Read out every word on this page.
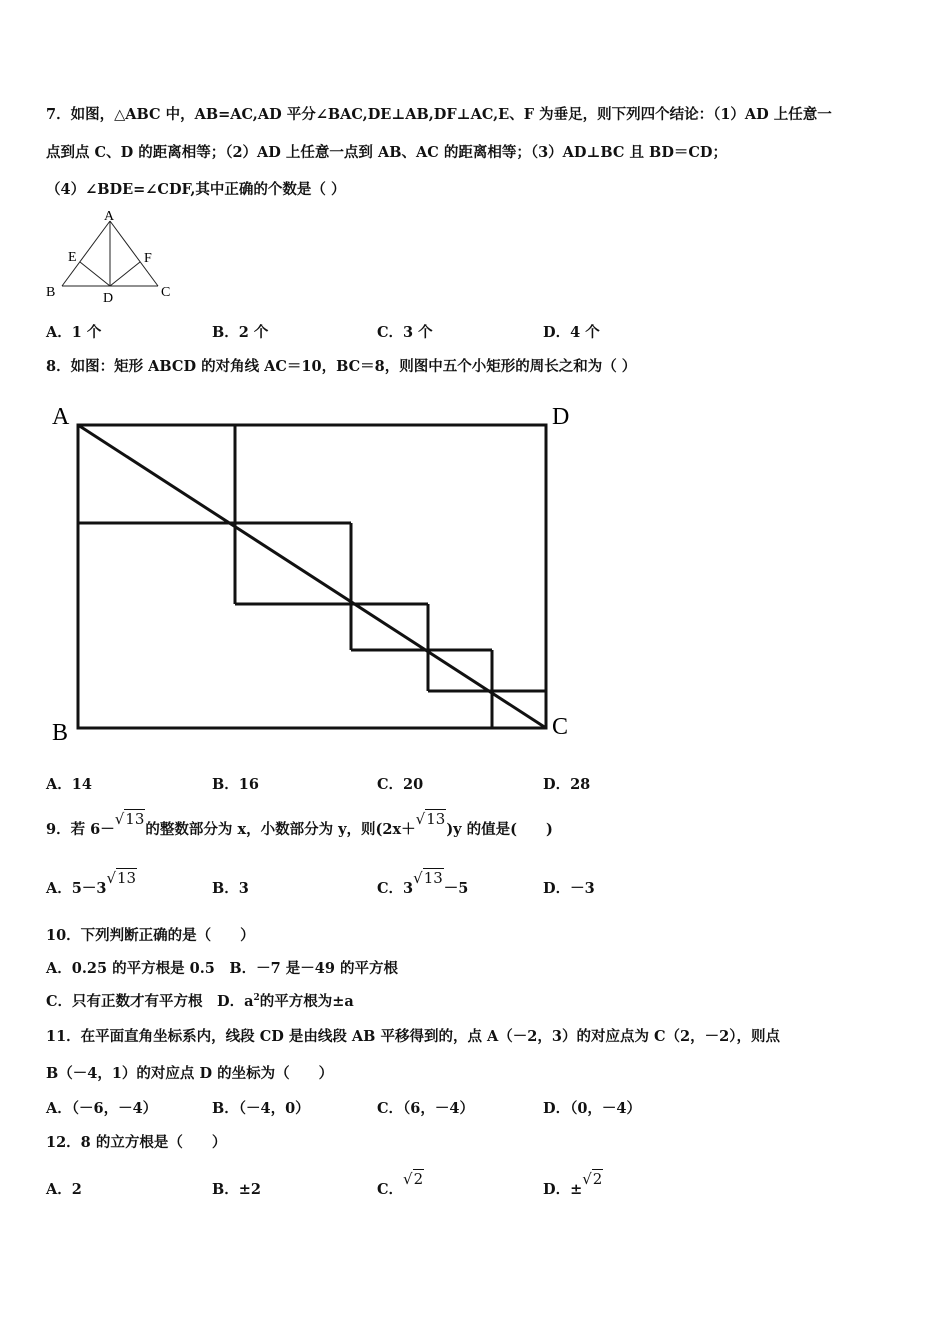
7．如图，△ABC 中，AB=AC,AD 平分∠BAC,DE⊥AB,DF⊥AC,E、F 为垂足，则下列四个结论：（1）AD 上任意一
点到点 C、D 的距离相等；（2）AD 上任意一点到 AB、AC 的距离相等；（3）AD⊥BC 且 BD＝CD；
（4）∠BDE=∠CDF,其中正确的个数是（ ）
A
E	F
B	D	C
A．1 个	B．2 个	C．3 个	D．4 个
8．如图：矩形 ABCD 的对角线 AC＝10，BC＝8，则图中五个小矩形的周长之和为（ ）
A	D
B	C
A．14	B．16	C．20	D．28
9．若 6－√13的整数部分为 x，小数部分为 y，则(2x＋√13)y 的值是(　　)
A．5－3√13
B．3	C．3√13－5	D．－3
10．下列判断正确的是（　　）
A．0.25 的平方根是 0.5　B．－7 是－49 的平方根
C．只有正数才有平方根　D．$a^2$的平方根为±a
11．在平面直角坐标系内，线段 CD 是由线段 AB 平移得到的，点 A（－2，3）的对应点为 C（2，－2），则点
B（－4，1）的对应点 D 的坐标为（　　）
A．（－6，－4）	B．（－4，0）	C．（6，－4）	D．（0，－4）
12．8 的立方根是（　　）
A．2	B．±2	C．√2
D．±√2
